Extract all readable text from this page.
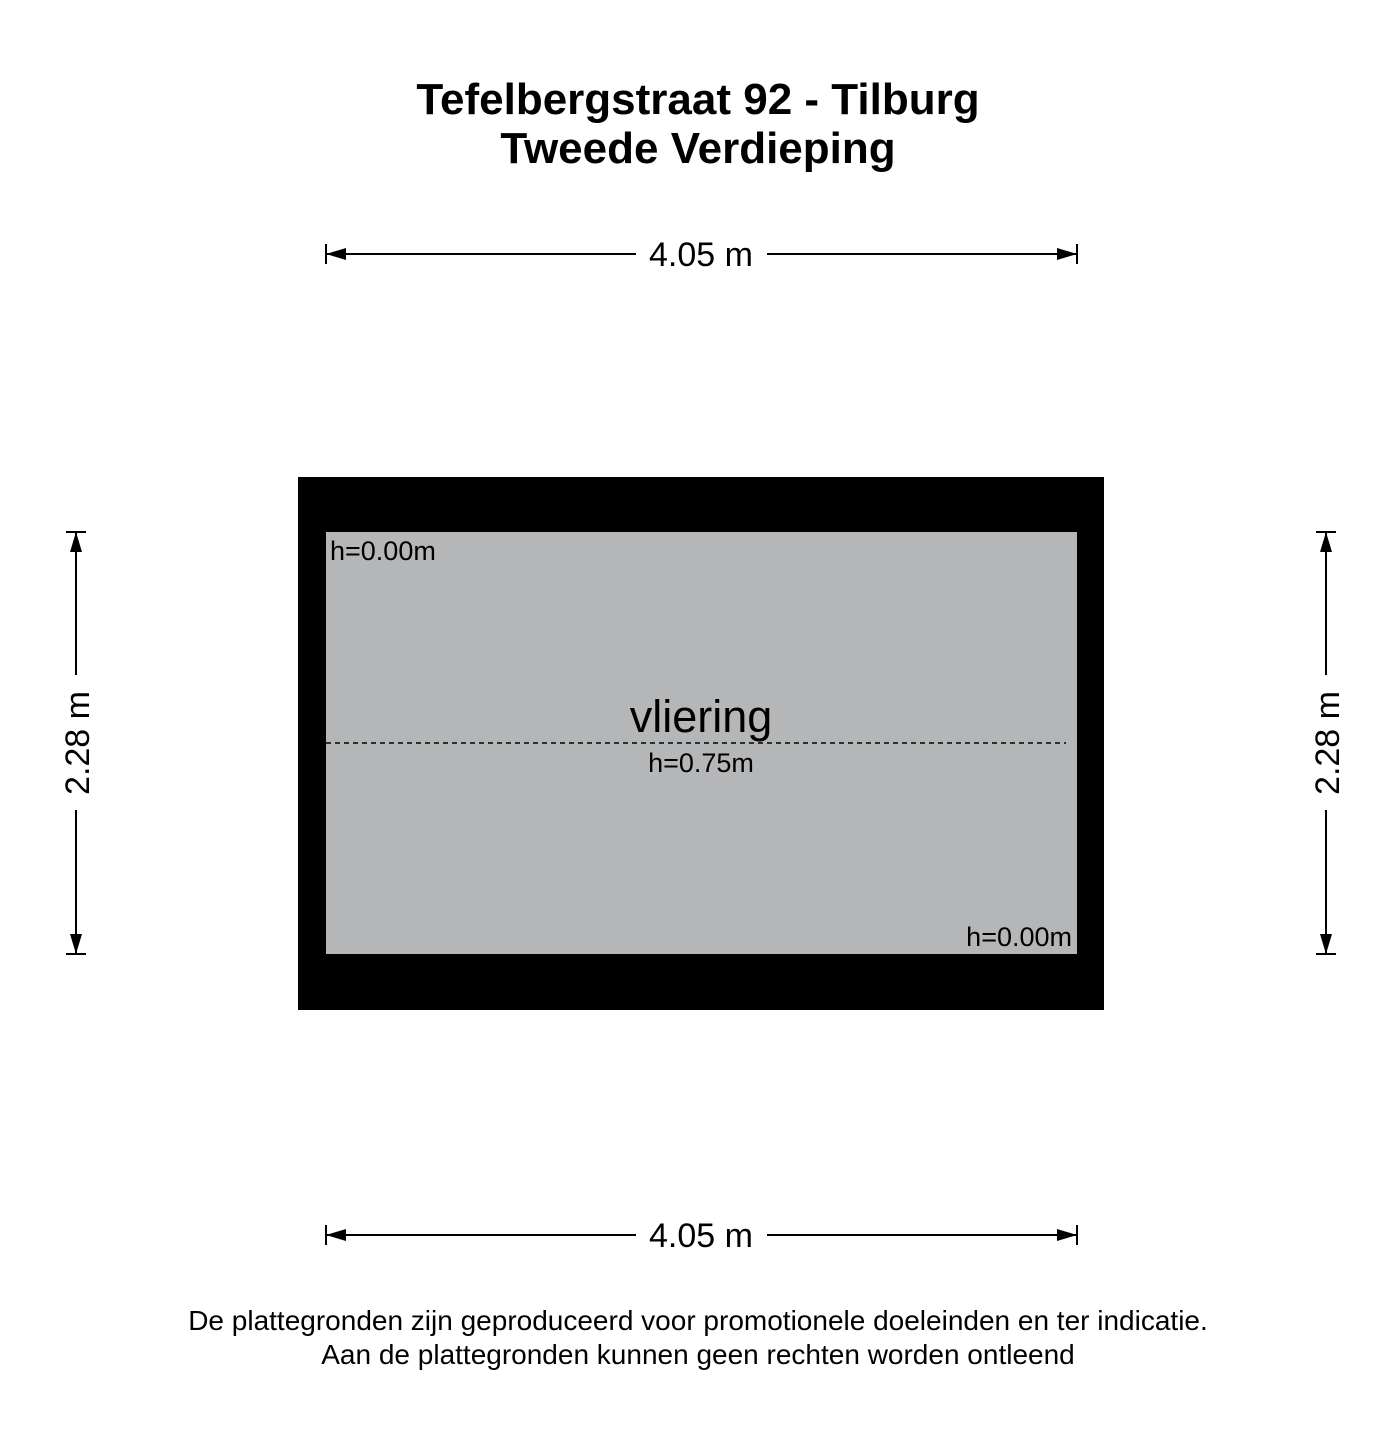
Tefelbergstraat 92 - Tilburg
Tweede Verdieping
4.05 m
4.05 m
2.28 m	2.28 m
h=0.00m
h=0.00m
vliering
h=0.75m
De plattegronden zijn geproduceerd voor promotionele doeleinden en ter indicatie.
Aan de plattegronden kunnen geen rechten worden ontleend
